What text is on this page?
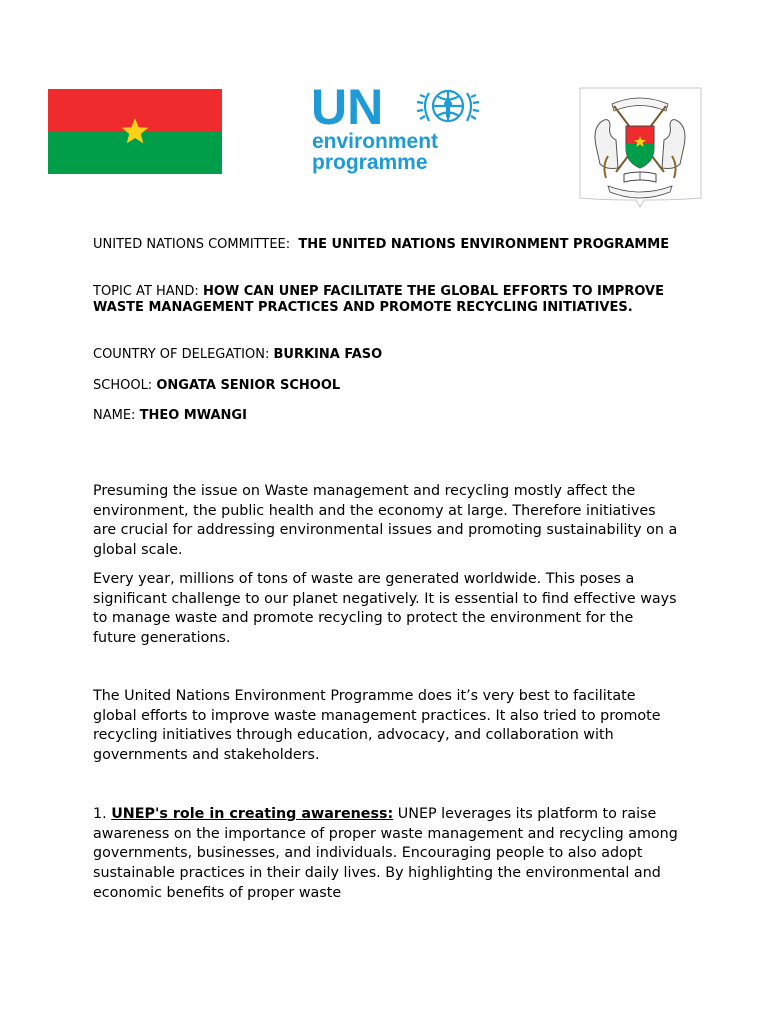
UN
environment
programme
UNITED NATIONS COMMITTEE: THE UNITED NATIONS ENVIRONMENT PROGRAMME
TOPIC AT HAND: HOW CAN UNEP FACILITATE THE GLOBAL EFFORTS TO IMPROVE WASTE MANAGEMENT PRACTICES AND PROMOTE RECYCLING INITIATIVES.
COUNTRY OF DELEGATION: BURKINA FASO
SCHOOL: ONGATA SENIOR SCHOOL
NAME: THEO MWANGI
Presuming the issue on Waste management and recycling mostly affect the environment, the public health and the economy at large. Therefore initiatives are crucial for addressing environmental issues and promoting sustainability on a global scale.
Every year, millions of tons of waste are generated worldwide. This poses a significant challenge to our planet negatively. It is essential to find effective ways to manage waste and promote recycling to protect the environment for the future generations.
The United Nations Environment Programme does it’s very best to facilitate global efforts to improve waste management practices. It also tried to promote recycling initiatives through education, advocacy, and collaboration with governments and stakeholders.
1. UNEP's role in creating awareness: UNEP leverages its platform to raise awareness on the importance of proper waste management and recycling among governments, businesses, and individuals. Encouraging people to also adopt sustainable practices in their daily lives. By highlighting the environmental and economic benefits of proper waste
